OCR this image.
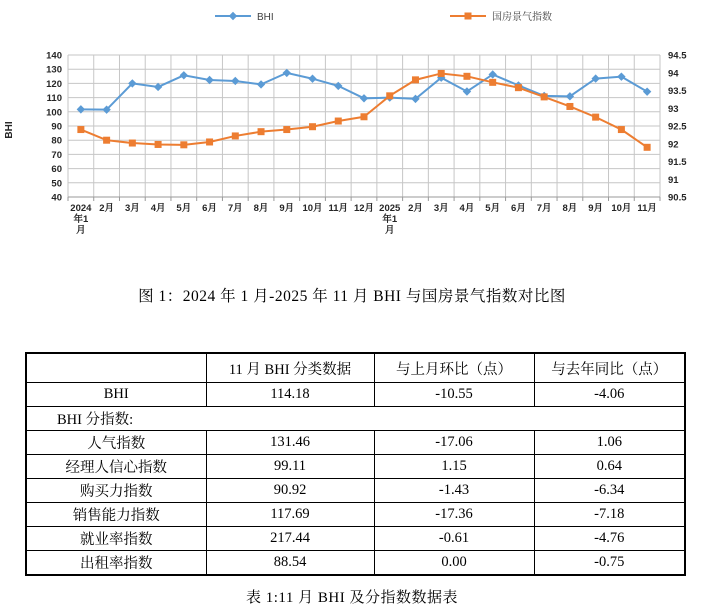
40
50
60
70
80
90
100
110
120
130
140	94.5
94
93.5
93
92.5
92
91.5
91
90.5
2024 年1 月
2月 3月 4月 5月 6月 7月 8月 9月 10月 11月 12月 2025 年1 月
2月 3月 4月 5月 6月 7月 8月 9月 10月 11月
BHI
BHI	国房景气指数
图 1：2024 年 1 月-2025 年 11 月 BHI 与国房景气指数对比图
	11 月 BHI 分类数据	与上月环比（点）	与去年同比（点）
BHI	114.18	-10.55	-4.06
BHI 分指数:			
人气指数	131.46	-17.06	1.06
经理人信心指数	99.11	1.15	0.64
购买力指数	90.92	-1.43	-6.34
销售能力指数	117.69	-17.36	-7.18
就业率指数	217.44	-0.61	-4.76
出租率指数	88.54	0.00	-0.75
表 1:11 月 BHI 及分指数数据表
